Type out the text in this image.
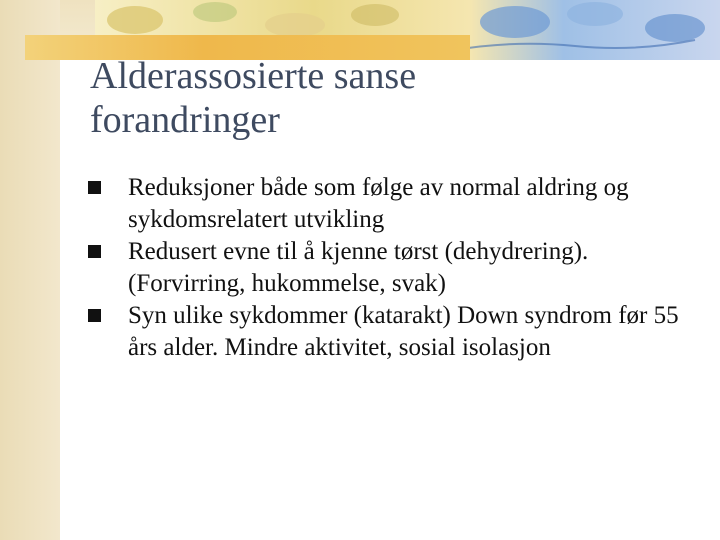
Alderassosierte sanse
forandringer
Reduksjoner både som følge av normal aldring og sykdomsrelatert utvikling
Redusert evne til å kjenne tørst (dehydrering). (Forvirring, hukommelse, svak)
Syn ulike sykdommer (katarakt) Down syndrom før 55 års alder. Mindre aktivitet, sosial isolasjon
